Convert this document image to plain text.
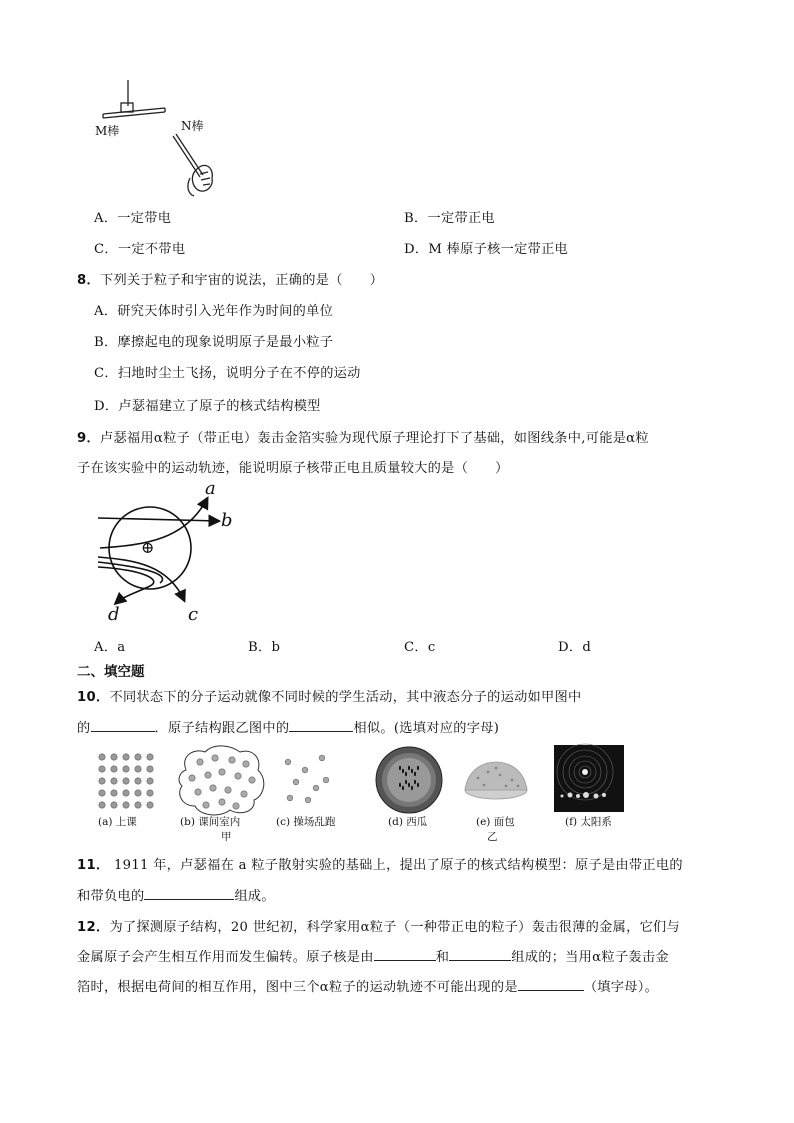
M棒	N棒
A．一定带电	B．一定带正电
C．一定不带电	D．M 棒原子核一定带正电
8．下列关于粒子和宇宙的说法，正确的是（　　）
A．研究天体时引入光年作为时间的单位
B．摩擦起电的现象说明原子是最小粒子
C．扫地时尘土飞扬，说明分子在不停的运动
D．卢瑟福建立了原子的核式结构模型
9．卢瑟福用α粒子（带正电）轰击金箔实验为现代原子理论打下了基础，如图线条中,可能是α粒
子在该实验中的运动轨迹，能说明原子核带正电且质量较大的是（　　）
⊕
a
b
c
d
A．a	B．b	C．c	D．d
二、填空题
10．不同状态下的分子运动就像不同时候的学生活动，其中液态分子的运动如甲图中
的	．原子结构跟乙图中的	相似。(选填对应的字母)
(a) 上课	(b) 课间室内
甲
(c) 操场乱跑	(d) 西瓜	(e) 面包
乙
(f) 太阳系
11． 1911 年，卢瑟福在 a 粒子散射实验的基础上，提出了原子的核式结构模型：原子是由带正电的
和带负电的	组成。
12．为了探测原子结构，20 世纪初，科学家用α粒子（一种带正电的粒子）轰击很薄的金属，它们与
金属原子会产生相互作用而发生偏转。原子核是由	和	组成的；当用α粒子轰击金
箔时，根据电荷间的相互作用，图中三个α粒子的运动轨迹不可能出现的是	（填字母）。
